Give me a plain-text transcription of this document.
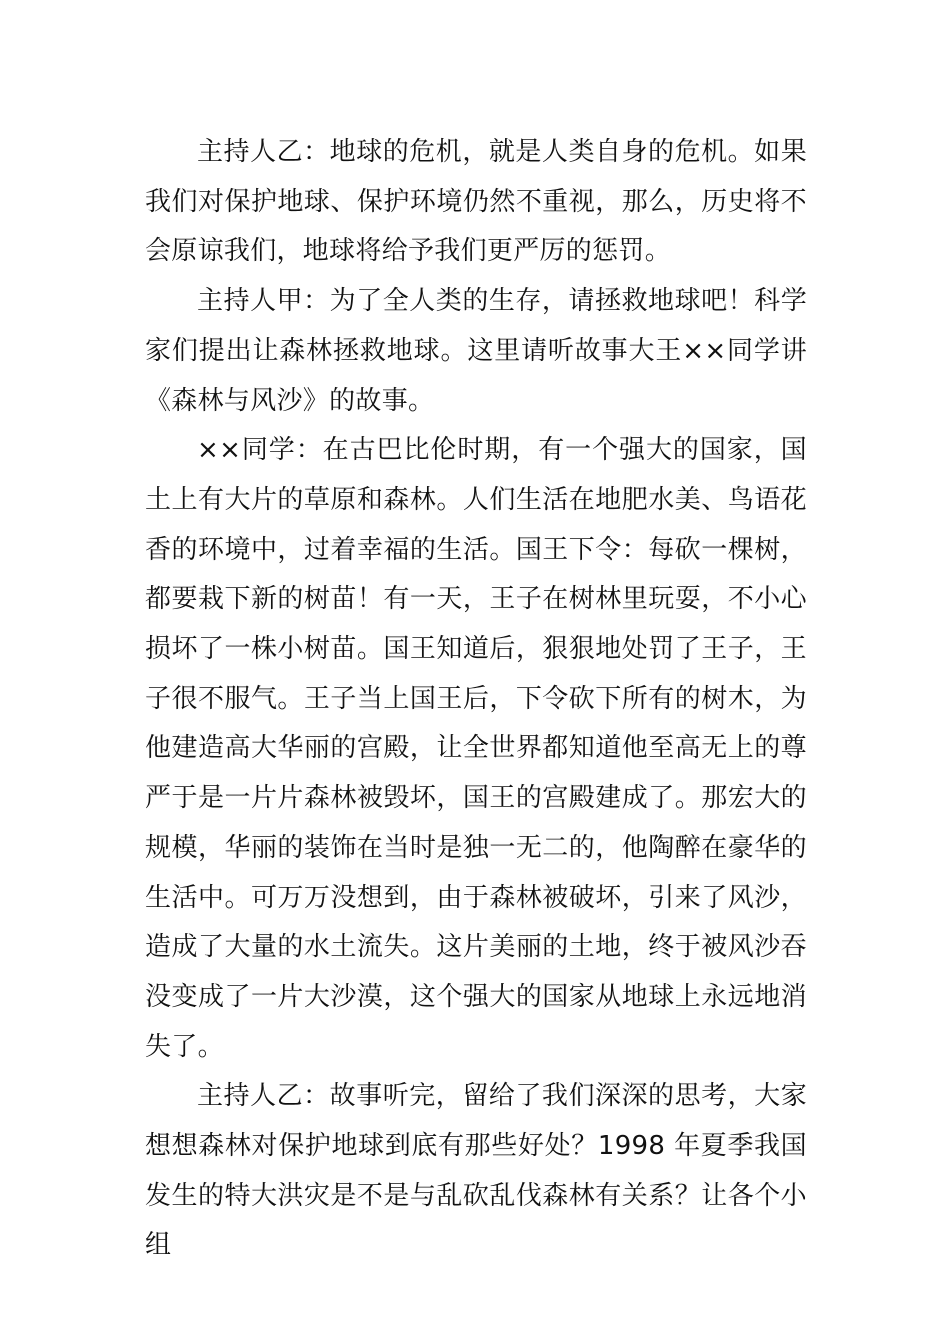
主持人乙：地球的危机，就是人类自身的危机。如果我们对保护地球、保护环境仍然不重视，那么，历史将不会原谅我们，地球将给予我们更严厉的惩罚。

主持人甲：为了全人类的生存，请拯救地球吧！科学家们提出让森林拯救地球。这里请听故事大王××同学讲《森林与风沙》的故事。

××同学：在古巴比伦时期，有一个强大的国家，国土上有大片的草原和森林。人们生活在地肥水美、鸟语花香的环境中，过着幸福的生活。国王下令：每砍一棵树，都要栽下新的树苗！有一天，王子在树林里玩耍，不小心损坏了一株小树苗。国王知道后，狠狠地处罚了王子，王子很不服气。王子当上国王后，下令砍下所有的树木，为他建造高大华丽的宫殿，让全世界都知道他至高无上的尊严于是一片片森林被毁坏，国王的宫殿建成了。那宏大的规模，华丽的装饰在当时是独一无二的，他陶醉在豪华的生活中。可万万没想到，由于森林被破坏，引来了风沙，造成了大量的水土流失。这片美丽的土地，终于被风沙吞没变成了一片大沙漠，这个强大的国家从地球上永远地消失了。

主持人乙：故事听完，留给了我们深深的思考，大家想想森林对保护地球到底有那些好处？1998 年夏季我国发生的特大洪灾是不是与乱砍乱伐森林有关系？让各个小组
